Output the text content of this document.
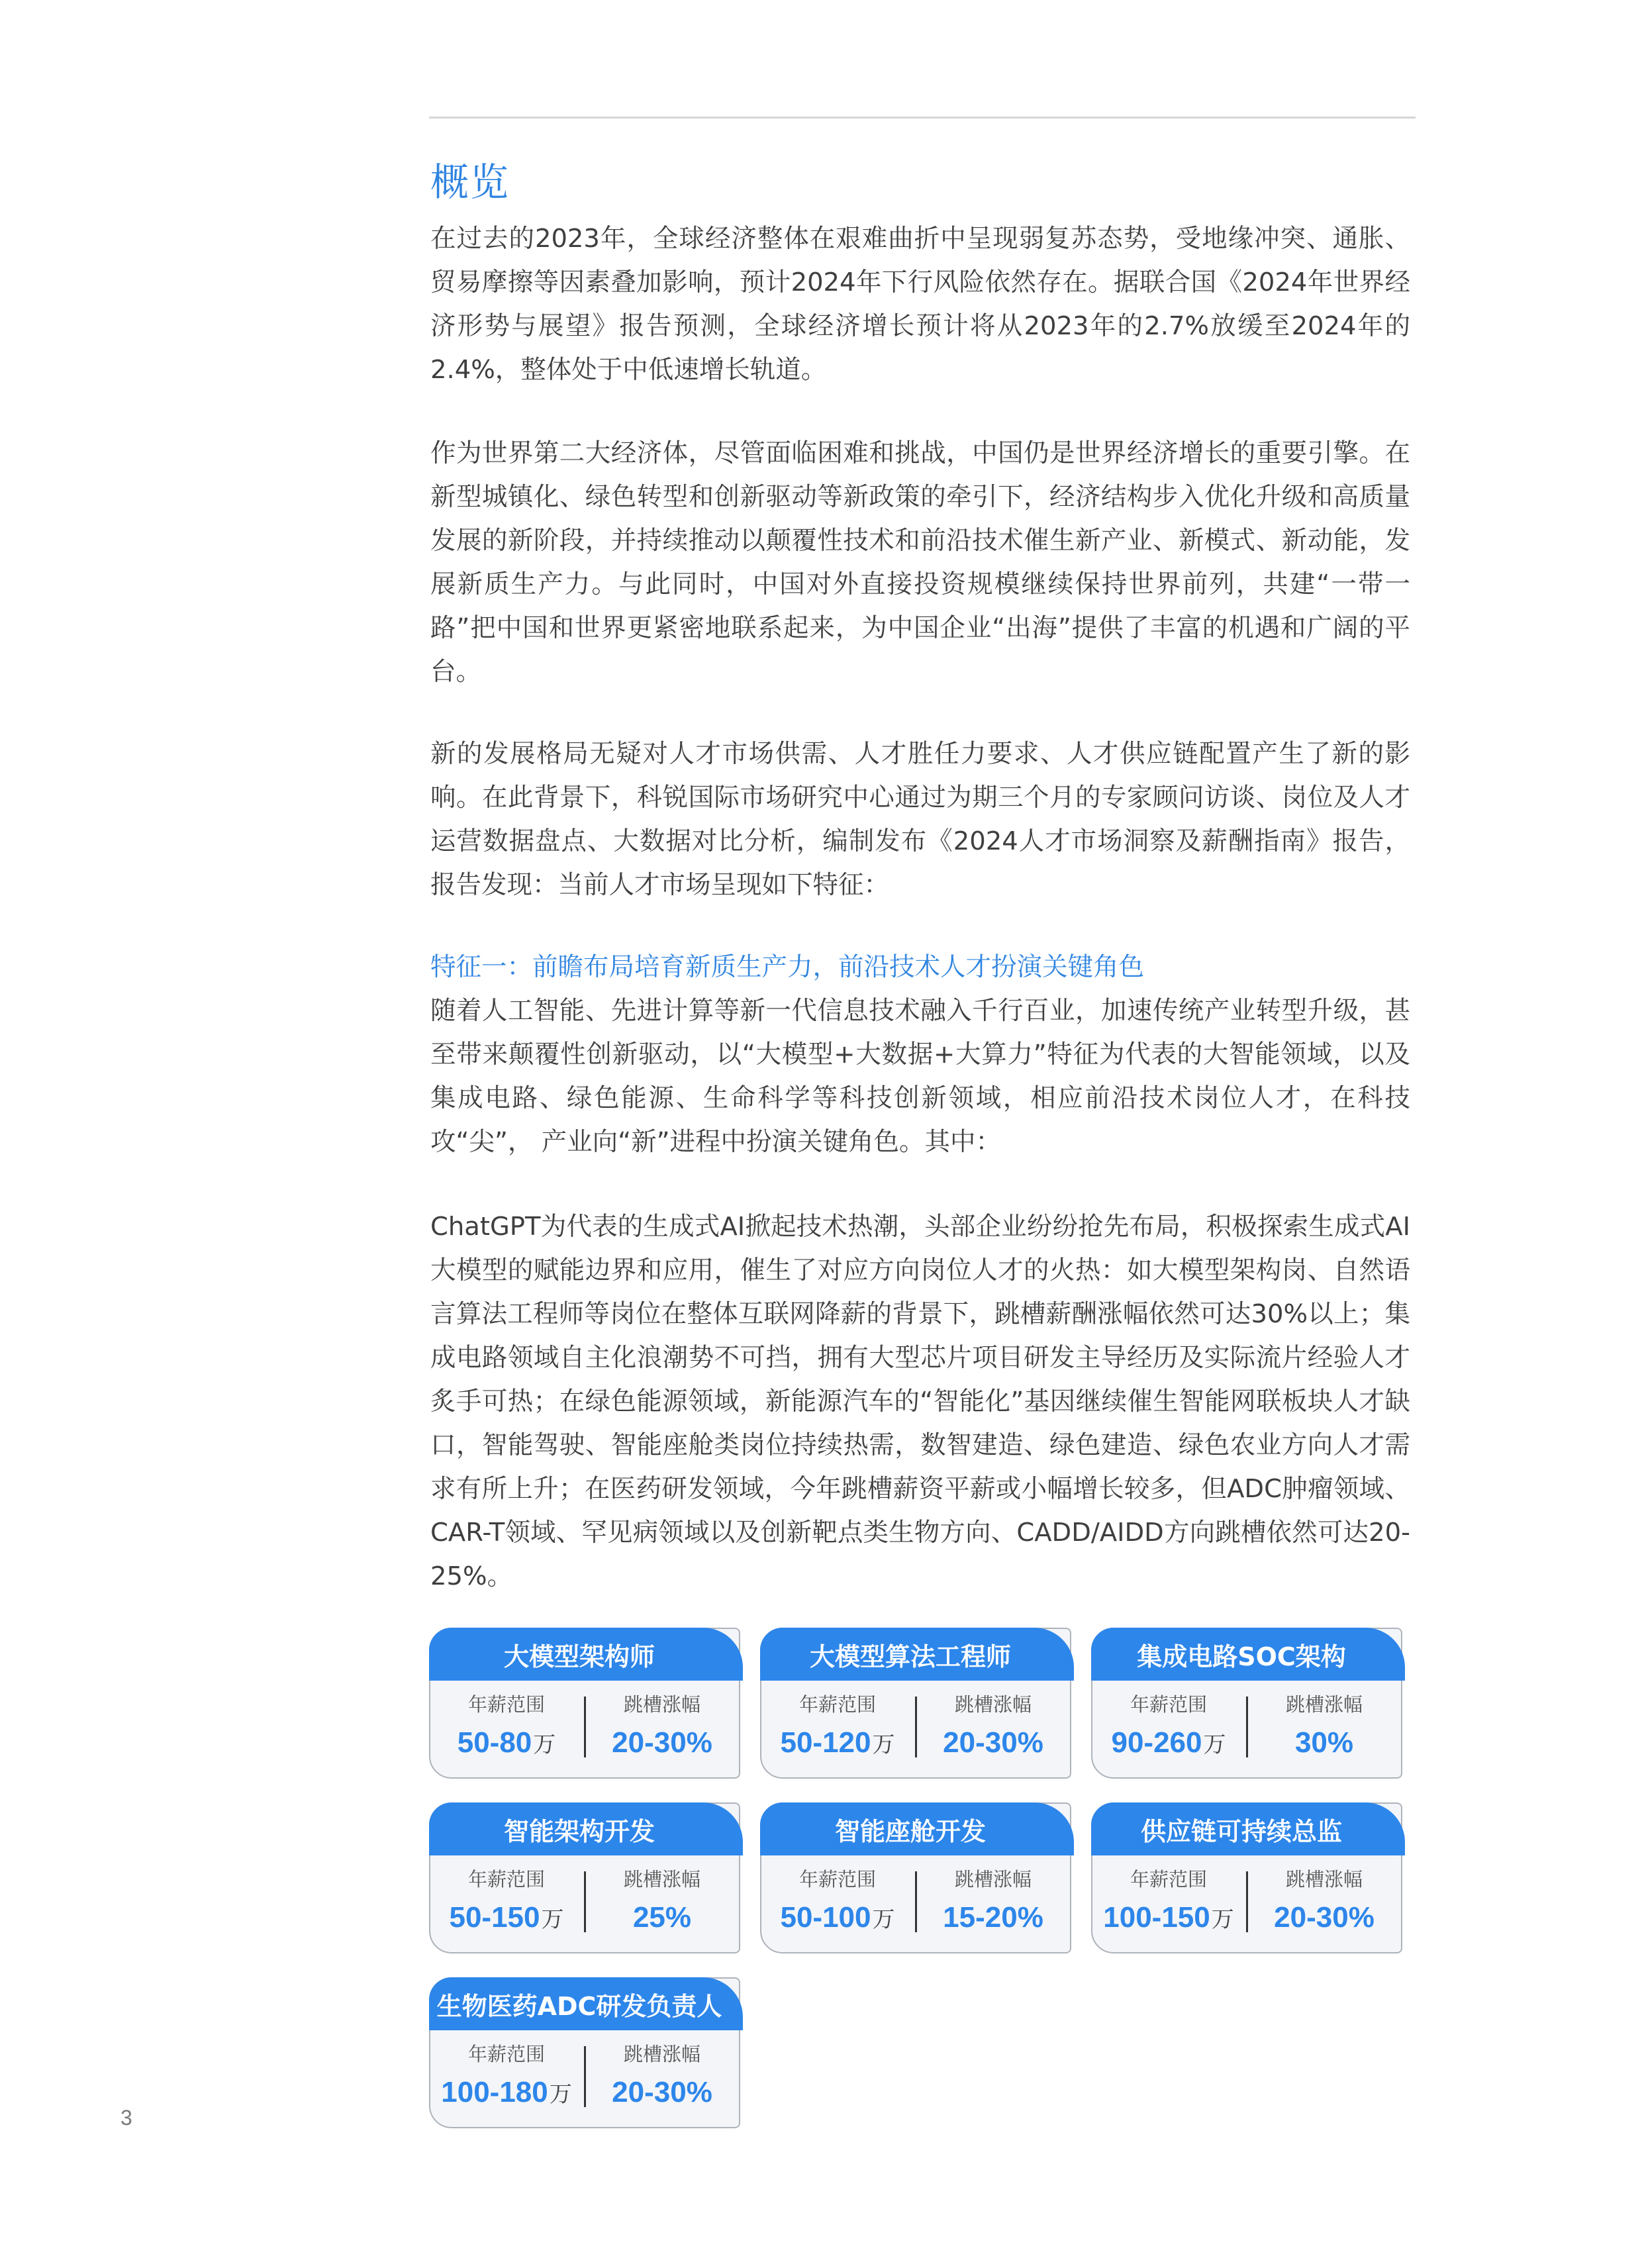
概览

在过去的2023年，全球经济整体在艰难曲折中呈现弱复苏态势，受地缘冲突、通胀、贸易摩擦等因素叠加影响，预计2024年下行风险依然存在。据联合国《2024年世界经济形势与展望》报告预测，全球经济增长预计将从2023年的2.7%放缓至2024年的2.4%，整体处于中低速增长轨道。

作为世界第二大经济体，尽管面临困难和挑战，中国仍是世界经济增长的重要引擎。在新型城镇化、绿色转型和创新驱动等新政策的牵引下，经济结构步入优化升级和高质量发展的新阶段，并持续推动以颠覆性技术和前沿技术催生新产业、新模式、新动能，发展新质生产力。与此同时，中国对外直接投资规模继续保持世界前列，共建“一带一路”把中国和世界更紧密地联系起来，为中国企业“出海”提供了丰富的机遇和广阔的平台。

新的发展格局无疑对人才市场供需、人才胜任力要求、人才供应链配置产生了新的影响。在此背景下，科锐国际市场研究中心通过为期三个月的专家顾问访谈、岗位及人才运营数据盘点、大数据对比分析，编制发布《2024人才市场洞察及薪酬指南》报告，报告发现：当前人才市场呈现如下特征：

特征一：前瞻布局培育新质生产力，前沿技术人才扮演关键角色

随着人工智能、先进计算等新一代信息技术融入千行百业，加速传统产业转型升级，甚至带来颠覆性创新驱动，以“大模型+大数据+大算力”特征为代表的大智能领域，以及集成电路、绿色能源、生命科学等科技创新领域，相应前沿技术岗位人才，在科技攻“尖”， 产业向“新”进程中扮演关键角色。其中：

ChatGPT为代表的生成式AI掀起技术热潮，头部企业纷纷抢先布局，积极探索生成式AI大模型的赋能边界和应用，催生了对应方向岗位人才的火热：如大模型架构岗、自然语言算法工程师等岗位在整体互联网降薪的背景下，跳槽薪酬涨幅依然可达30%以上；集成电路领域自主化浪潮势不可挡，拥有大型芯片项目研发主导经历及实际流片经验人才炙手可热；在绿色能源领域，新能源汽车的“智能化”基因继续催生智能网联板块人才缺口，智能驾驶、智能座舱类岗位持续热需，数智建造、绿色建造、绿色农业方向人才需求有所上升；在医药研发领域，今年跳槽薪资平薪或小幅增长较多，但ADC肿瘤领域、CAR-T领域、罕见病领域以及创新靶点类生物方向、CADD/AIDD方向跳槽依然可达20-25%。

大模型架构师
年薪范围
50-80万
跳槽涨幅
20-30%
大模型算法工程师
年薪范围
50-120万
跳槽涨幅
20-30%
集成电路SOC架构
年薪范围
90-260万
跳槽涨幅
30%
智能架构开发
年薪范围
50-150万
跳槽涨幅
25%
智能座舱开发
年薪范围
50-100万
跳槽涨幅
15-20%
供应链可持续总监
年薪范围
100-150万
跳槽涨幅
20-30%
生物医药ADC研发负责人
年薪范围
100-180万
跳槽涨幅
20-30%
3
